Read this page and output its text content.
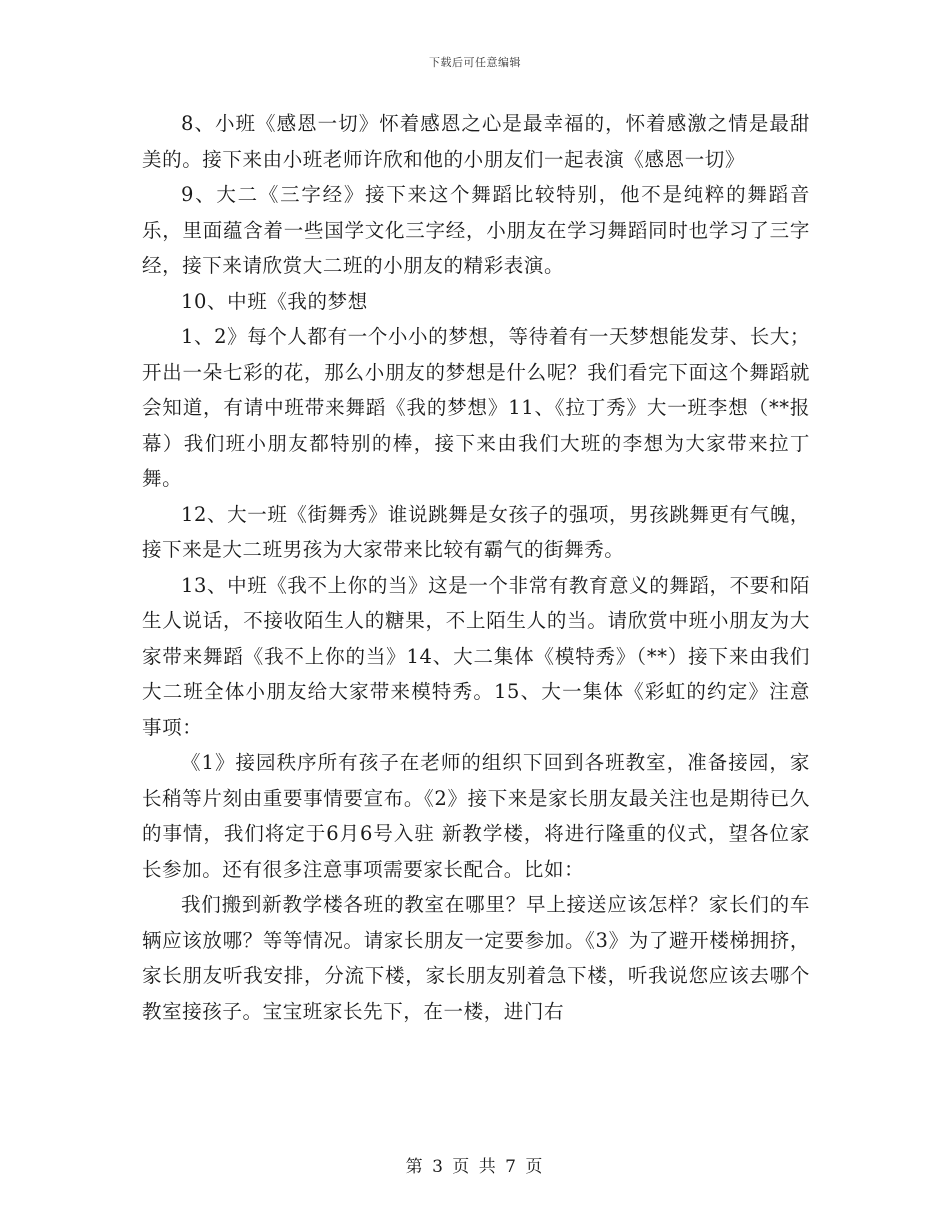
下载后可任意编辑

8、小班《感恩一切》怀着感恩之心是最幸福的，怀着感激之情是最甜美的。接下来由小班老师许欣和他的小朋友们一起表演《感恩一切》

9、大二《三字经》接下来这个舞蹈比较特别，他不是纯粹的舞蹈音乐，里面蕴含着一些国学文化三字经，小朋友在学习舞蹈同时也学习了三字经，接下来请欣赏大二班的小朋友的精彩表演。

10、中班《我的梦想

1、2》每个人都有一个小小的梦想，等待着有一天梦想能发芽、长大；开出一朵七彩的花，那么小朋友的梦想是什么呢？我们看完下面这个舞蹈就会知道，有请中班带来舞蹈《我的梦想》11、《拉丁秀》大一班李想（**报幕）我们班小朋友都特别的棒，接下来由我们大班的李想为大家带来拉丁舞。

12、大一班《街舞秀》谁说跳舞是女孩子的强项，男孩跳舞更有气魄，接下来是大二班男孩为大家带来比较有霸气的街舞秀。

13、中班《我不上你的当》这是一个非常有教育意义的舞蹈，不要和陌生人说话，不接收陌生人的糖果，不上陌生人的当。请欣赏中班小朋友为大家带来舞蹈《我不上你的当》14、大二集体《模特秀》（**）接下来由我们大二班全体小朋友给大家带来模特秀。15、大一集体《彩虹的约定》注意事项：

《1》接园秩序所有孩子在老师的组织下回到各班教室，准备接园，家长稍等片刻由重要事情要宣布。《2》接下来是家长朋友最关注也是期待已久的事情，我们将定于6月6号入驻 新教学楼，将进行隆重的仪式，望各位家长参加。还有很多注意事项需要家长配合。比如：

我们搬到新教学楼各班的教室在哪里？早上接送应该怎样？家长们的车辆应该放哪？等等情况。请家长朋友一定要参加。《3》为了避开楼梯拥挤，家长朋友听我安排，分流下楼，家长朋友别着急下楼，听我说您应该去哪个教室接孩子。宝宝班家长先下，在一楼，进门右

第 3 页 共 7 页
